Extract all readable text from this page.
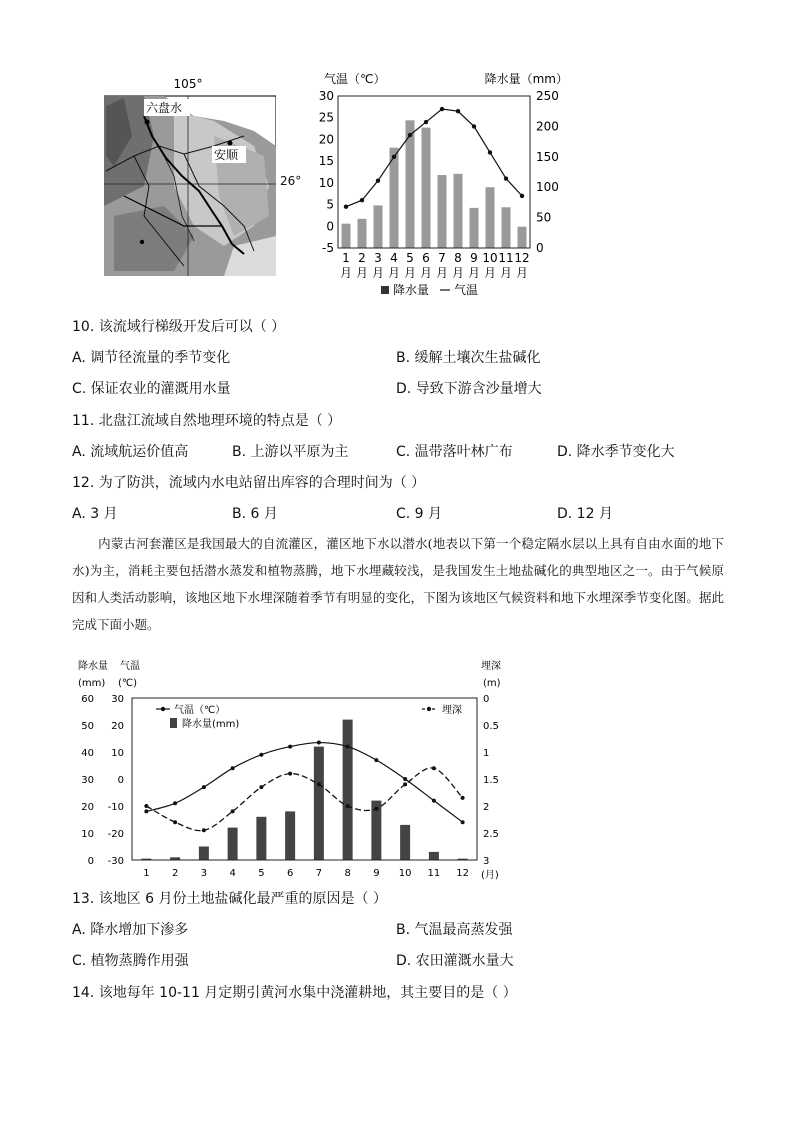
105°
六盘水
安顺
26°
气温（℃）	降水量（mm）
30
25
20
15
10
5
0
-5
250
200
150
100
50
0
1
月
2
月
3
月
4
月
5
月
6
月
7
月
8
月
9
月
10
月
11
月
12
月
降水量 气温
10. 该流域行梯级开发后可以（ ）
A. 调节径流量的季节变化	B. 缓解土壤次生盐碱化
C. 保证农业的灌溉用水量	D. 导致下游含沙量增大
11. 北盘江流域自然地理环境的特点是（ ）
A. 流域航运价值高	B. 上游以平原为主	C. 温带落叶林广布	D. 降水季节变化大
12. 为了防洪，流域内水电站留出库容的合理时间为（ ）
A. 3 月	B. 6 月	C. 9 月	D. 12 月
内蒙古河套灌区是我国最大的自流灌区，灌区地下水以潜水(地表以下第一个稳定隔水层以上具有自由水面的地下水)为主，消耗主要包括潜水蒸发和植物蒸腾，地下水埋藏较浅，是我国发生土地盐碱化的典型地区之一。由于气候原因和人类活动影响，该地区地下水埋深随着季节有明显的变化，下图为该地区气候资料和地下水埋深季节变化图。据此完成下面小题。
降水量
(mm)
气温
(℃)
埋深
(m)
60
50
40
30
20
10
0
30
20
10
0
-10
-20
-30
0
0.5
1
1.5
2
2.5
3
1 2 3 4 5 6 7 8 9 10 11 12 (月)
气温（℃）
降水量(mm)
埋深
13. 该地区 6 月份土地盐碱化最严重的原因是（ ）
A. 降水增加下渗多	B. 气温最高蒸发强
C. 植物蒸腾作用强	D. 农田灌溉水量大
14. 该地每年 10-11 月定期引黄河水集中浇灌耕地，其主要目的是（ ）
